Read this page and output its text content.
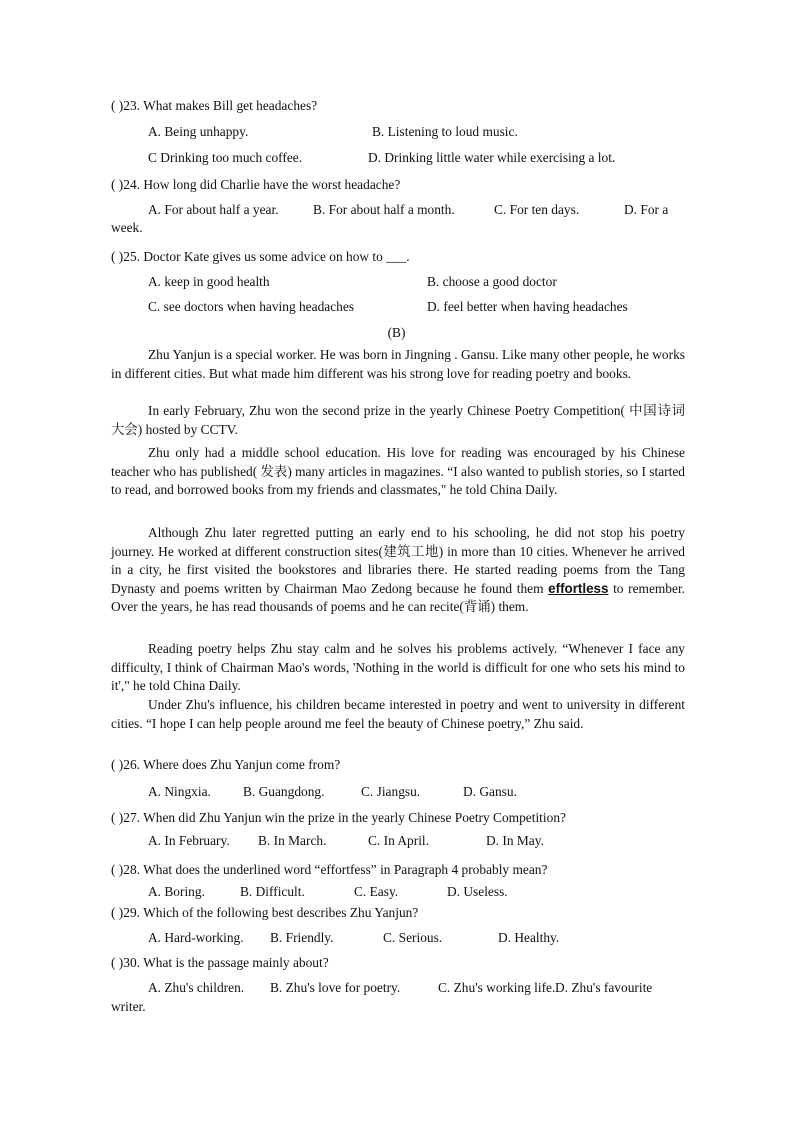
( )23. What makes Bill get headaches?
A. Being unhappy.	B. Listening to loud music.
C Drinking too much coffee.	D. Drinking little water while exercising a lot.
( )24. How long did Charlie have the worst headache?
A. For about half a year.	B. For about half a month.	C. For ten days.	D. For a
week.
( )25. Doctor Kate gives us some advice on how to ___.
A. keep in good health	B. choose a good doctor
C. see doctors when having headaches	D. feel better when having headaches
(B)
Zhu Yanjun is a special worker. He was born in Jingning . Gansu. Like many other people, he works in different cities. But what made him different was his strong love for reading poetry and books.
In early February, Zhu won the second prize in the yearly Chinese Poetry Competition( 中国诗词大会) hosted by CCTV.
Zhu only had a middle school education. His love for reading was encouraged by his Chinese teacher who has published( 发表) many articles in magazines. “I also wanted to publish stories, so I started to read, and borrowed books from my friends and classmates," he told China Daily.
Although Zhu later regretted putting an early end to his schooling, he did not stop his poetry journey. He worked at different construction sites(建筑工地) in more than 10 cities. Whenever he arrived in a city, he first visited the bookstores and libraries there. He started reading poems from the Tang Dynasty and poems written by Chairman Mao Zedong because he found them effortless to remember. Over the years, he has read thousands of poems and he can recite(背诵) them.
Reading poetry helps Zhu stay calm and he solves his problems actively. “Whenever I face any difficulty, I think of Chairman Mao's words, 'Nothing in the world is difficult for one who sets his mind to it'," he told China Daily.
Under Zhu's influence, his children became interested in poetry and went to university in different cities. “I hope I can help people around me feel the beauty of Chinese poetry,” Zhu said.
( )26. Where does Zhu Yanjun come from?
A. Ningxia. B. Guangdong.	C. Jiangsu.	D. Gansu.
( )27. When did Zhu Yanjun win the prize in the yearly Chinese Poetry Competition?
A. In February. B. In March.	C. In April.	D. In May.
( )28. What does the underlined word “effortfess” in Paragraph 4 probably mean?
A. Boring.	B. Difficult.	C. Easy.	D. Useless.
( )29. Which of the following best describes Zhu Yanjun?
A. Hard-working. B. Friendly.	C. Serious.	D. Healthy.
( )30. What is the passage mainly about?
A. Zhu's children. B. Zhu's love for poetry.	C. Zhu's working life.D. Zhu's favourite
writer.
